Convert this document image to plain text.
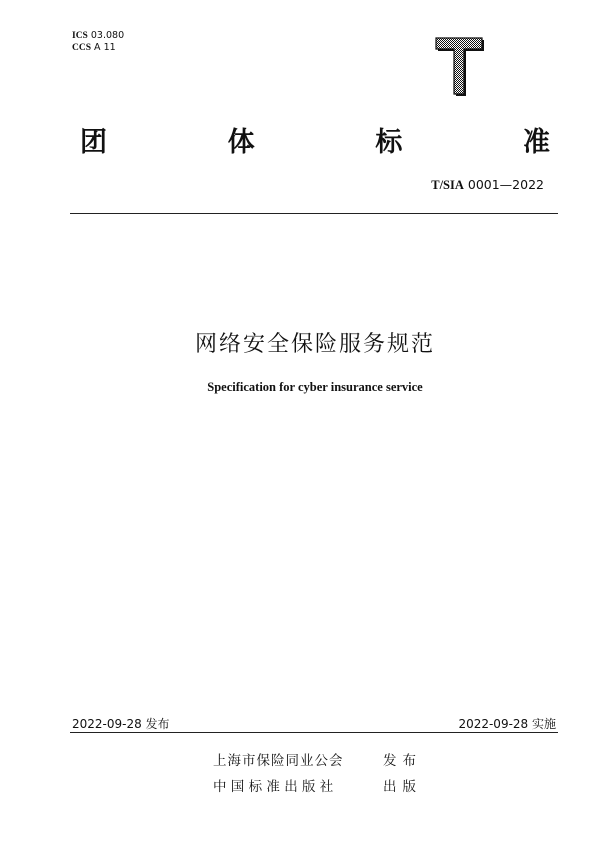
ICS 03.080
CCS A 11
团	体	标	准
T/SIA 0001—2022
网络安全保险服务规范
Specification for cyber insurance service
2022-09-28 发布	2022-09-28 实施
上海市保险同业公会	发布
中国标准出版社	出版
